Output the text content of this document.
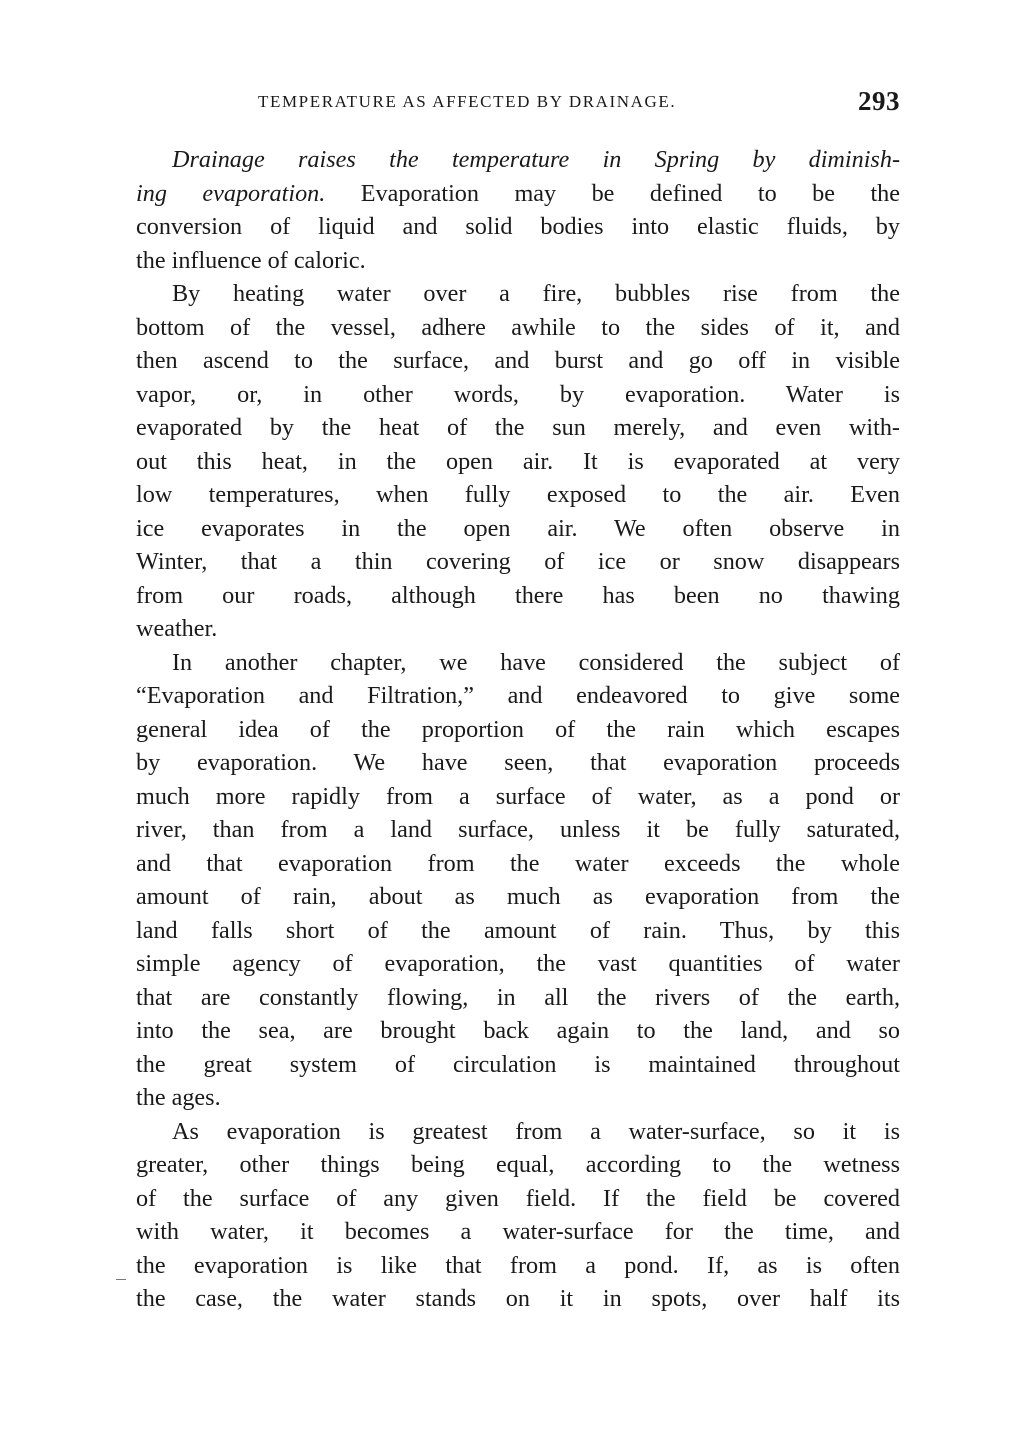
TEMPERATURE AS AFFECTED BY DRAINAGE.	293
Drainage raises the temperature in Spring by diminish-
ing evaporation. Evaporation may be defined to be the
conversion of liquid and solid bodies into elastic fluids, by
the influence of caloric.
By heating water over a fire, bubbles rise from the
bottom of the vessel, adhere awhile to the sides of it, and
then ascend to the surface, and burst and go off in visible
vapor, or, in other words, by evaporation. Water is
evaporated by the heat of the sun merely, and even with-
out this heat, in the open air. It is evaporated at very
low temperatures, when fully exposed to the air. Even
ice evaporates in the open air. We often observe in
Winter, that a thin covering of ice or snow disappears
from our roads, although there has been no thawing
weather.
In another chapter, we have considered the subject of
“Evaporation and Filtration,” and endeavored to give some
general idea of the proportion of the rain which escapes
by evaporation. We have seen, that evaporation proceeds
much more rapidly from a surface of water, as a pond or
river, than from a land surface, unless it be fully saturated,
and that evaporation from the water exceeds the whole
amount of rain, about as much as evaporation from the
land falls short of the amount of rain. Thus, by this
simple agency of evaporation, the vast quantities of water
that are constantly flowing, in all the rivers of the earth,
into the sea, are brought back again to the land, and so
the great system of circulation is maintained throughout
the ages.
As evaporation is greatest from a water-surface, so it is
greater, other things being equal, according to the wetness
of the surface of any given field. If the field be covered
with water, it becomes a water-surface for the time, and
the evaporation is like that from a pond. If, as is often
the case, the water stands on it in spots, over half its
